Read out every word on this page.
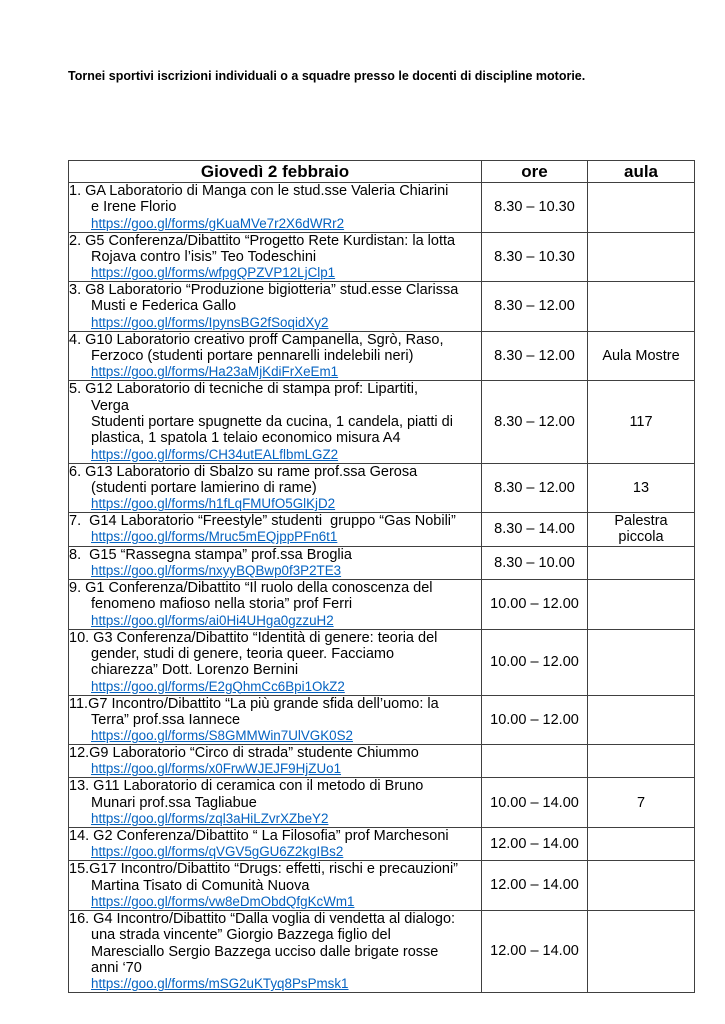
Tornei sportivi iscrizioni individuali o a squadre presso le docenti di discipline motorie.
Giovedì 2 febbraio	ore	aula

1. GA Laboratorio di Manga con le stud.sse Valeria Chiarini
e Irene Florio
https://goo.gl/forms/gKuaMVe7r2X6dWRr2	8.30 – 10.30	

2. G5 Conferenza/Dibattito “Progetto Rete Kurdistan: la lotta
Rojava contro l’isis” Teo Todeschini
https://goo.gl/forms/wfpgQPZVP12LjClp1	8.30 – 10.30	

3. G8 Laboratorio “Produzione bigiotteria” stud.esse Clarissa
Musti e Federica Gallo
https://goo.gl/forms/IpynsBG2fSoqidXy2	8.30 – 12.00	

4. G10 Laboratorio creativo proff Campanella, Sgrò, Raso,
Ferzoco (studenti portare pennarelli indelebili neri)
https://goo.gl/forms/Ha23aMjKdiFrXeEm1	8.30 – 12.00	Aula Mostre

5. G12 Laboratorio di tecniche di stampa prof: Lipartiti,
Verga
Studenti portare spugnette da cucina, 1 candela, piatti di
plastica, 1 spatola 1 telaio economico misura A4
https://goo.gl/forms/CH34utEALflbmLGZ2	8.30 – 12.00	117

6. G13 Laboratorio di Sbalzo su rame prof.ssa Gerosa
(studenti portare lamierino di rame)
https://goo.gl/forms/h1fLqFMUfO5GlKjD2	8.30 – 12.00	13

7.  G14 Laboratorio “Freestyle” studenti  gruppo “Gas Nobili”
https://goo.gl/forms/Mruc5mEQjppPFn6t1	8.30 – 14.00	Palestra
piccola

8.  G15 “Rassegna stampa” prof.ssa Broglia
https://goo.gl/forms/nxyyBQBwp0f3P2TE3	8.30 – 10.00	

9. G1 Conferenza/Dibattito “Il ruolo della conoscenza del
fenomeno mafioso nella storia” prof Ferri
https://goo.gl/forms/ai0Hi4UHga0gzzuH2	10.00 – 12.00	

10. G3 Conferenza/Dibattito “Identità di genere: teoria del
gender, studi di genere, teoria queer. Facciamo
chiarezza” Dott. Lorenzo Bernini
https://goo.gl/forms/E2gQhmCc6Bpi1OkZ2	10.00 – 12.00	

11.G7 Incontro/Dibattito “La più grande sfida dell’uomo: la
Terra” prof.ssa Iannece
https://goo.gl/forms/S8GMMWin7UlVGK0S2	10.00 – 12.00	

12.G9 Laboratorio “Circo di strada” studente Chiummo
https://goo.gl/forms/x0FrwWJEJF9HjZUo1		

13. G11 Laboratorio di ceramica con il metodo di Bruno
Munari prof.ssa Tagliabue
https://goo.gl/forms/zql3aHiLZvrXZbeY2	10.00 – 14.00	7

14. G2 Conferenza/Dibattito “ La Filosofia” prof Marchesoni
https://goo.gl/forms/qVGV5gGU6Z2kgIBs2	12.00 – 14.00	

15.G17 Incontro/Dibattito “Drugs: effetti, rischi e precauzioni”
Martina Tisato di Comunità Nuova
https://goo.gl/forms/vw8eDmObdQfgKcWm1	12.00 – 14.00	

16. G4 Incontro/Dibattito “Dalla voglia di vendetta al dialogo:
una strada vincente” Giorgio Bazzega figlio del
Maresciallo Sergio Bazzega ucciso dalle brigate rosse
anni ‘70
https://goo.gl/forms/mSG2uKTyq8PsPmsk1	12.00 – 14.00	
